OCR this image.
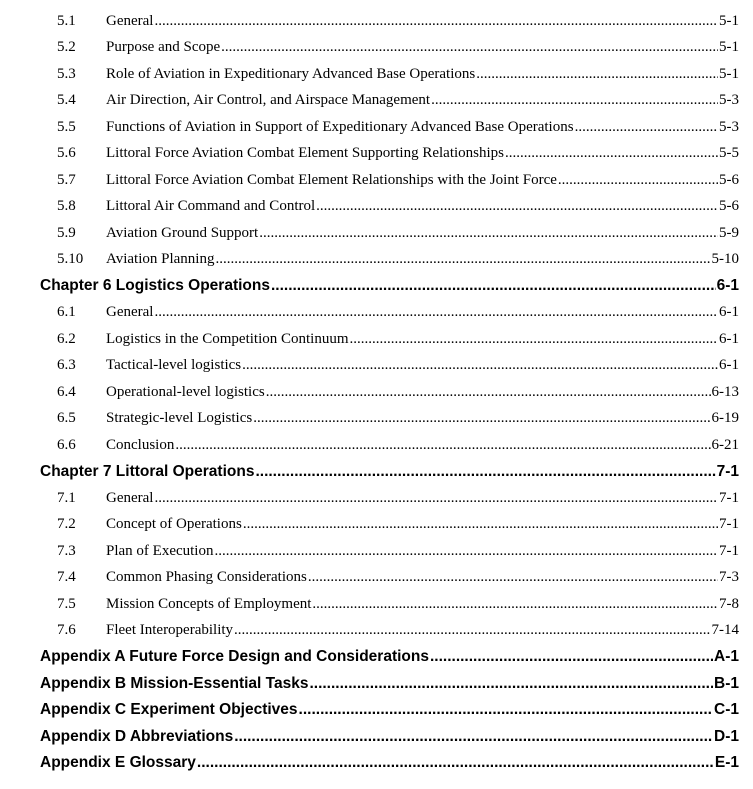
5.1	General .....	5-1
5.2	Purpose and Scope .....	5-1
5.3	Role of Aviation in Expeditionary Advanced Base Operations .....	5-1
5.4	Air Direction, Air Control, and Airspace Management .....	5-3
5.5	Functions of Aviation in Support of Expeditionary Advanced Base Operations .....	5-3
5.6	Littoral Force Aviation Combat Element Supporting Relationships .....	5-5
5.7	Littoral Force Aviation Combat Element Relationships with the Joint Force .....	5-6
5.8	Littoral Air Command and Control .....	5-6
5.9	Aviation Ground Support .....	5-9
5.10	Aviation Planning .....	5-10
Chapter 6 Logistics Operations .....	6-1
6.1	General .....	6-1
6.2	Logistics in the Competition Continuum .....	6-1
6.3	Tactical-level logistics .....	6-1
6.4	Operational-level logistics .....	6-13
6.5	Strategic-level Logistics .....	6-19
6.6	Conclusion .....	6-21
Chapter 7 Littoral Operations .....	7-1
7.1	General .....	7-1
7.2	Concept of Operations .....	7-1
7.3	Plan of Execution .....	7-1
7.4	Common Phasing Considerations .....	7-3
7.5	Mission Concepts of Employment .....	7-8
7.6	Fleet Interoperability .....	7-14
Appendix A Future Force Design and Considerations .....	A-1
Appendix B Mission-Essential Tasks .....	B-1
Appendix C Experiment Objectives .....	C-1
Appendix D Abbreviations .....	D-1
Appendix E Glossary .....	E-1
